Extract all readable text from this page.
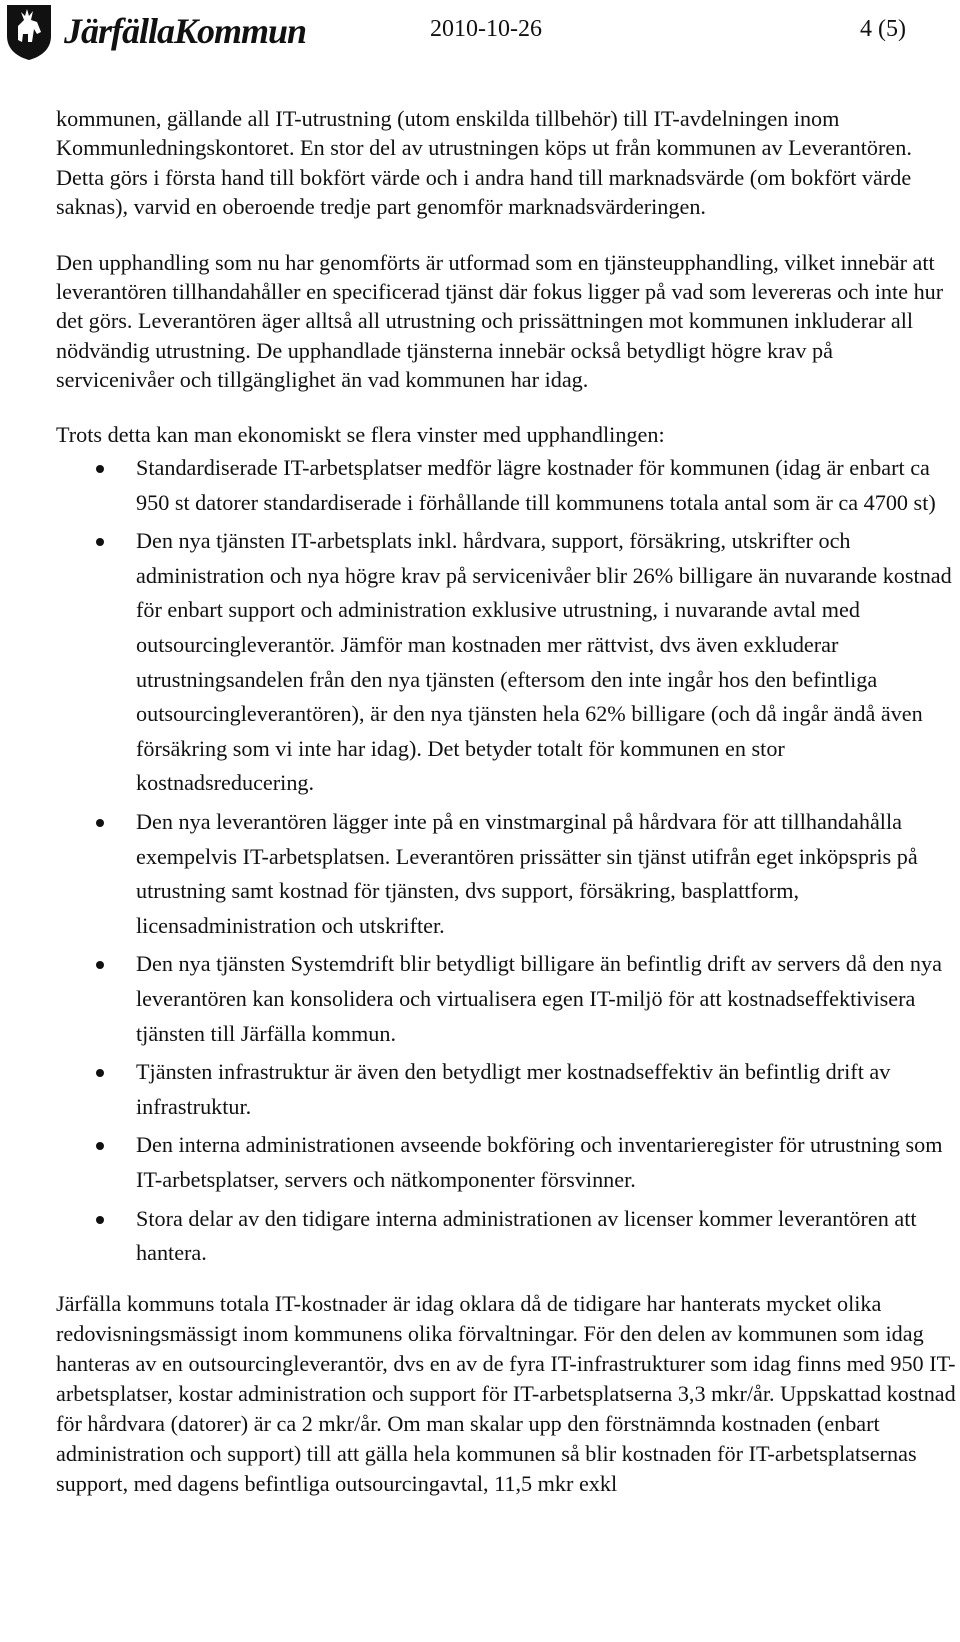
JärfällaKommun	2010-10-26	4 (5)

kommunen, gällande all IT-utrustning (utom enskilda tillbehör) till IT-avdelningen inom Kommunledningskontoret. En stor del av utrustningen köps ut från kommunen av Leverantören. Detta görs i första hand till bokfört värde och i andra hand till marknadsvärde (om bokfört värde saknas), varvid en oberoende tredje part genomför marknadsvärderingen.

Den upphandling som nu har genomförts är utformad som en tjänsteupphandling, vilket innebär att leverantören tillhandahåller en specificerad tjänst där fokus ligger på vad som levereras och inte hur det görs. Leverantören äger alltså all utrustning och prissättningen mot kommunen inkluderar all nödvändig utrustning. De upphandlade tjänsterna innebär också betydligt högre krav på servicenivåer och tillgänglighet än vad kommunen har idag.

Trots detta kan man ekonomiskt se flera vinster med upphandlingen:

Standardiserade IT-arbetsplatser medför lägre kostnader för kommunen (idag är enbart ca 950 st datorer standardiserade i förhållande till kommunens totala antal som är ca 4700 st)
Den nya tjänsten IT-arbetsplats inkl. hårdvara, support, försäkring, utskrifter och administration och nya högre krav på servicenivåer blir 26% billigare än nuvarande kostnad för enbart support och administration exklusive utrustning, i nuvarande avtal med outsourcingleverantör. Jämför man kostnaden mer rättvist, dvs även exkluderar utrustningsandelen från den nya tjänsten (eftersom den inte ingår hos den befintliga outsourcingleverantören), är den nya tjänsten hela 62% billigare (och då ingår ändå även försäkring som vi inte har idag). Det betyder totalt för kommunen en stor kostnadsreducering.
Den nya leverantören lägger inte på en vinstmarginal på hårdvara för att tillhandahålla exempelvis IT-arbetsplatsen. Leverantören prissätter sin tjänst utifrån eget inköpspris på utrustning samt kostnad för tjänsten, dvs support, försäkring, basplattform, licensadministration och utskrifter.
Den nya tjänsten Systemdrift blir betydligt billigare än befintlig drift av servers då den nya leverantören kan konsolidera och virtualisera egen IT-miljö för att kostnadseffektivisera tjänsten till Järfälla kommun.
Tjänsten infrastruktur är även den betydligt mer kostnadseffektiv än befintlig drift av infrastruktur.
Den interna administrationen avseende bokföring och inventarieregister för utrustning som IT-arbetsplatser, servers och nätkomponenter försvinner.
Stora delar av den tidigare interna administrationen av licenser kommer leverantören att hantera.

Järfälla kommuns totala IT-kostnader är idag oklara då de tidigare har hanterats mycket olika redovisningsmässigt inom kommunens olika förvaltningar. För den delen av kommunen som idag hanteras av en outsourcingleverantör, dvs en av de fyra IT-infrastrukturer som idag finns med 950 IT-arbetsplatser, kostar administration och support för IT-arbetsplatserna 3,3 mkr/år. Uppskattad kostnad för hårdvara (datorer) är ca 2 mkr/år. Om man skalar upp den förstnämnda kostnaden (enbart administration och support) till att gälla hela kommunen så blir kostnaden för IT-arbetsplatsernas support, med dagens befintliga outsourcingavtal, 11,5 mkr exkl
